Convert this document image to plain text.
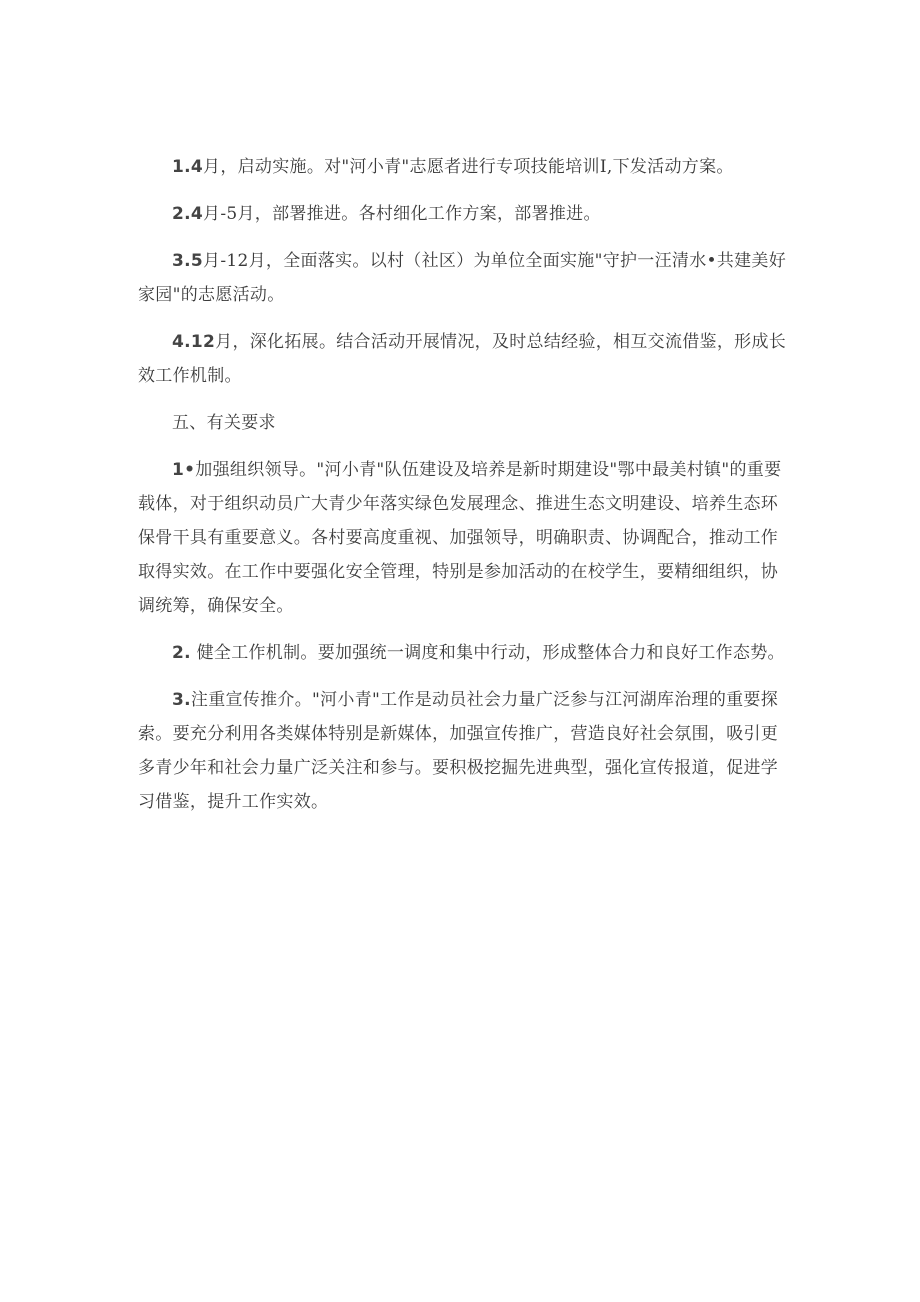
1.4月，启动实施。对"河小青"志愿者进行专项技能培训I,下发活动方案。

2.4月-5月，部署推进。各村细化工作方案，部署推进。

3.5月-12月，全面落实。以村（社区）为单位全面实施"守护一汪清水•共建美好家园"的志愿活动。

4.12月，深化拓展。结合活动开展情况，及时总结经验，相互交流借鉴，形成长效工作机制。

五、有关要求

1•加强组织领导。"河小青"队伍建设及培养是新时期建设"鄂中最美村镇"的重要载体，对于组织动员广大青少年落实绿色发展理念、推进生态文明建设、培养生态环保骨干具有重要意义。各村要高度重视、加强领导，明确职责、协调配合，推动工作取得实效。在工作中要强化安全管理，特别是参加活动的在校学生，要精细组织，协调统筹，确保安全。

2. 健全工作机制。要加强统一调度和集中行动，形成整体合力和良好工作态势。

3.注重宣传推介。"河小青"工作是动员社会力量广泛参与江河湖库治理的重要探索。要充分利用各类媒体特别是新媒体，加强宣传推广，营造良好社会氛围，吸引更多青少年和社会力量广泛关注和参与。要积极挖掘先进典型，强化宣传报道，促进学习借鉴，提升工作实效。
